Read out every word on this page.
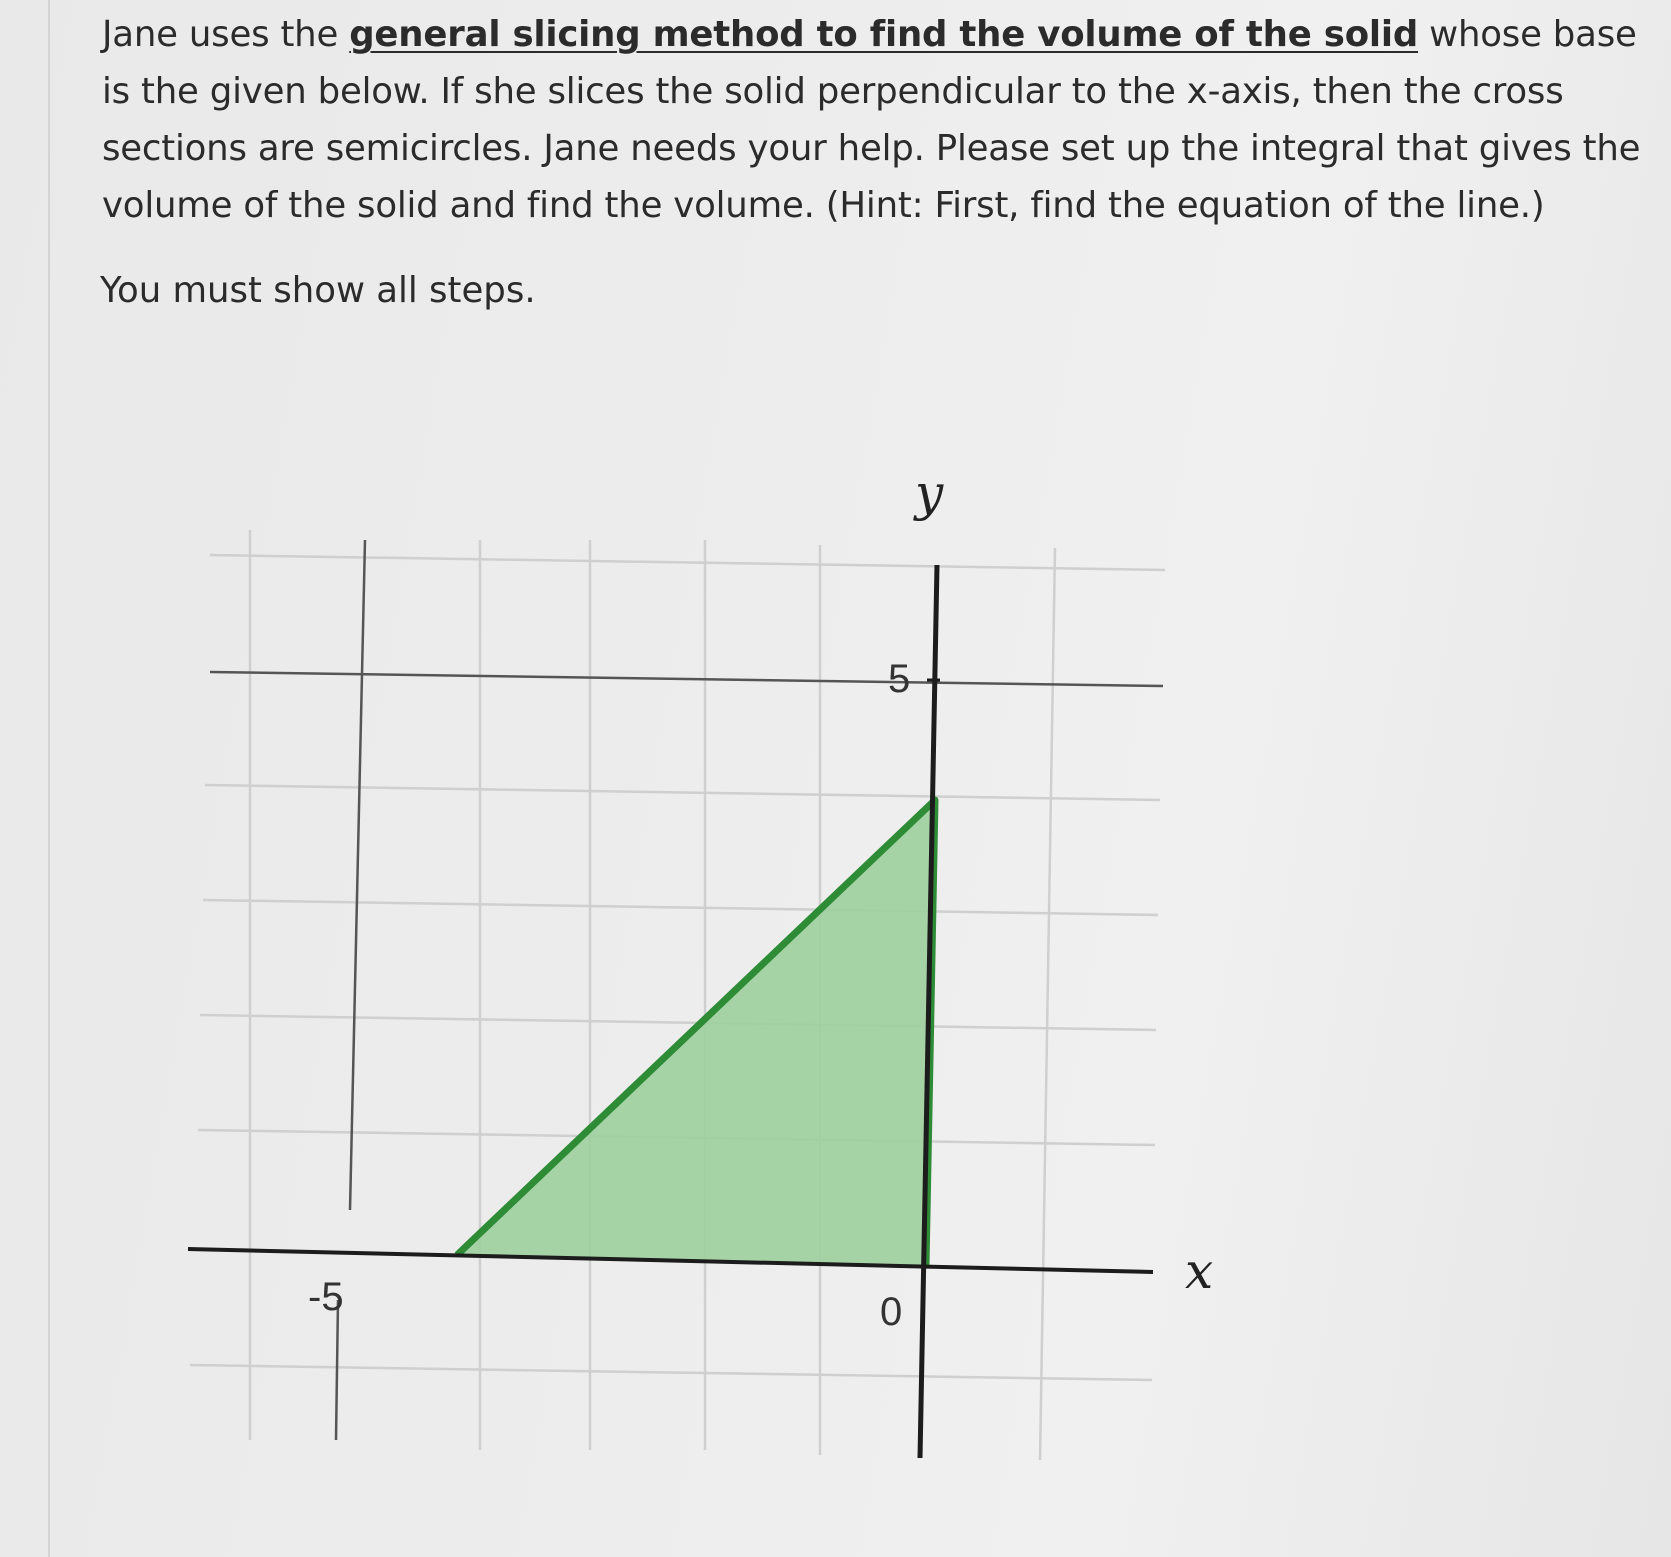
Jane uses the general slicing method to find the volume of the solid whose base is the given below. If she slices the solid perpendicular to the x-axis, then the cross sections are semicircles. Jane needs your help. Please set up the integral that gives the volume of the solid and find the volume. (Hint: First, find the equation of the line.)

You must show all steps.
y
x
5
-5	0
